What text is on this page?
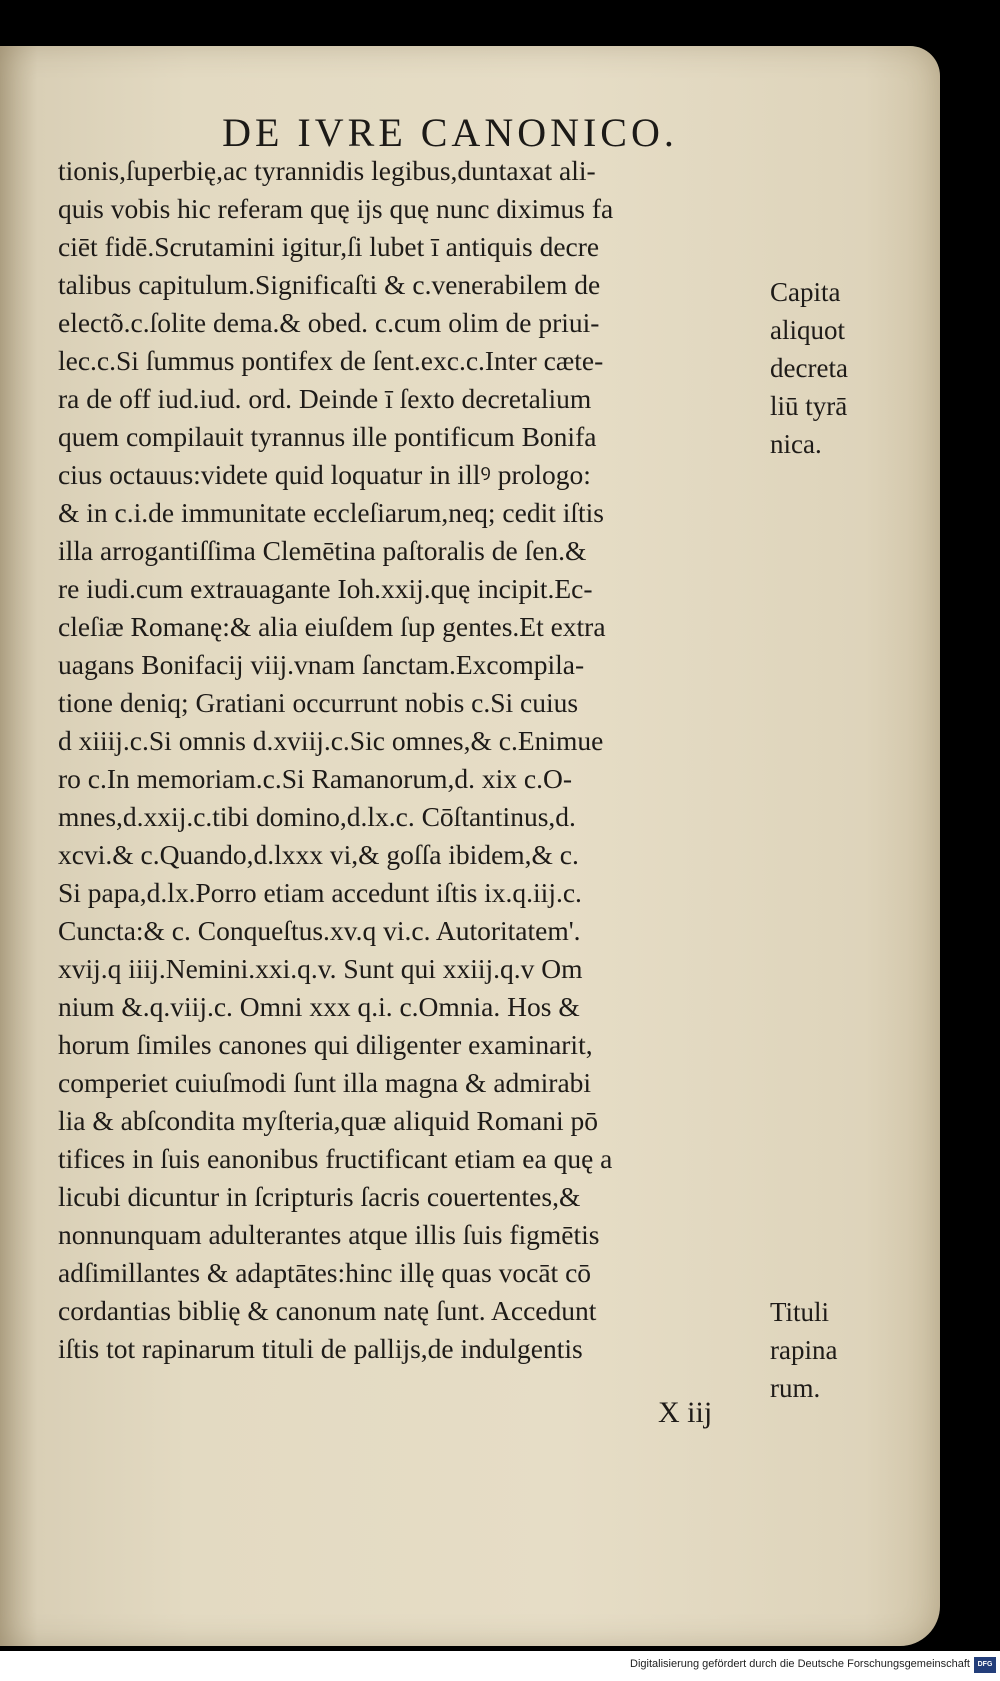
DE IVRE CANONICO.
tionis,ſuperbię,ac tyrannidis legibus,duntaxat ali-
quis vobis hic referam quę ijs quę nunc diximus fa
ciēt fidē.Scrutamini igitur,ſi lubet ī antiquis decre
talibus capitulum.Significaſti & c.venerabilem de
electõ.c.ſolite dema.& obed. c.cum olim de priui-
lec.c.Si ſummus pontifex de ſent.exc.c.Inter cæte-
ra de off iud.iud. ord. Deinde ī ſexto decretalium
quem compilauit tyrannus ille pontificum Bonifa
cius octauus:videte quid loquatur in illꝰ prologo:
& in c.i.de immunitate eccleſiarum,neq; cedit iſtis
illa arrogantiſſima Clemētina paſtoralis de ſen.&
re iudi.cum extrauagante Ioh.xxij.quę incipit.Ec-
cleſiæ Romanę:& alia eiuſdem ſup gentes.Et extra
uagans Bonifacij viij.vnam ſanctam.Excompila-
tione deniq; Gratiani occurrunt nobis c.Si cuius
d xiiij.c.Si omnis d.xviij.c.Sic omnes,& c.Enimue
ro c.In memoriam.c.Si Ramanorum,d. xix c.O-
mnes,d.xxij.c.tibi domino,d.lx.c. Cōſtantinus,d.
xcvi.& c.Quando,d.lxxx vi,& goſſa ibidem,& c.
Si papa,d.lx.Porro etiam accedunt iſtis ix.q.iij.c.
Cuncta:& c. Conqueſtus.xv.q vi.c. Autoritatem'.
xvij.q iiij.Nemini.xxi.q.v. Sunt qui xxiij.q.v Om
nium &.q.viij.c. Omni xxx q.i. c.Omnia. Hos &
horum ſimiles canones qui diligenter examinarit,
comperiet cuiuſmodi ſunt illa magna & admirabi
lia & abſcondita myſteria,quæ aliquid Romani pō
tifices in ſuis eanonibus fructificant etiam ea quę a
licubi dicuntur in ſcripturis ſacris couertentes,&
nonnunquam adulterantes atque illis ſuis figmētis
adſimillantes & adaptātes:hinc illę quas vocāt cō
cordantias biblię & canonum natę ſunt. Accedunt
iſtis tot rapinarum tituli de pallijs,de indulgentis
Capita
aliquot
decreta
liū tyrā
nica.
Tituli
rapina
rum.
X iij
Digitalisierung gefördert durch die Deutsche Forschungsgemeinschaft	DFG
